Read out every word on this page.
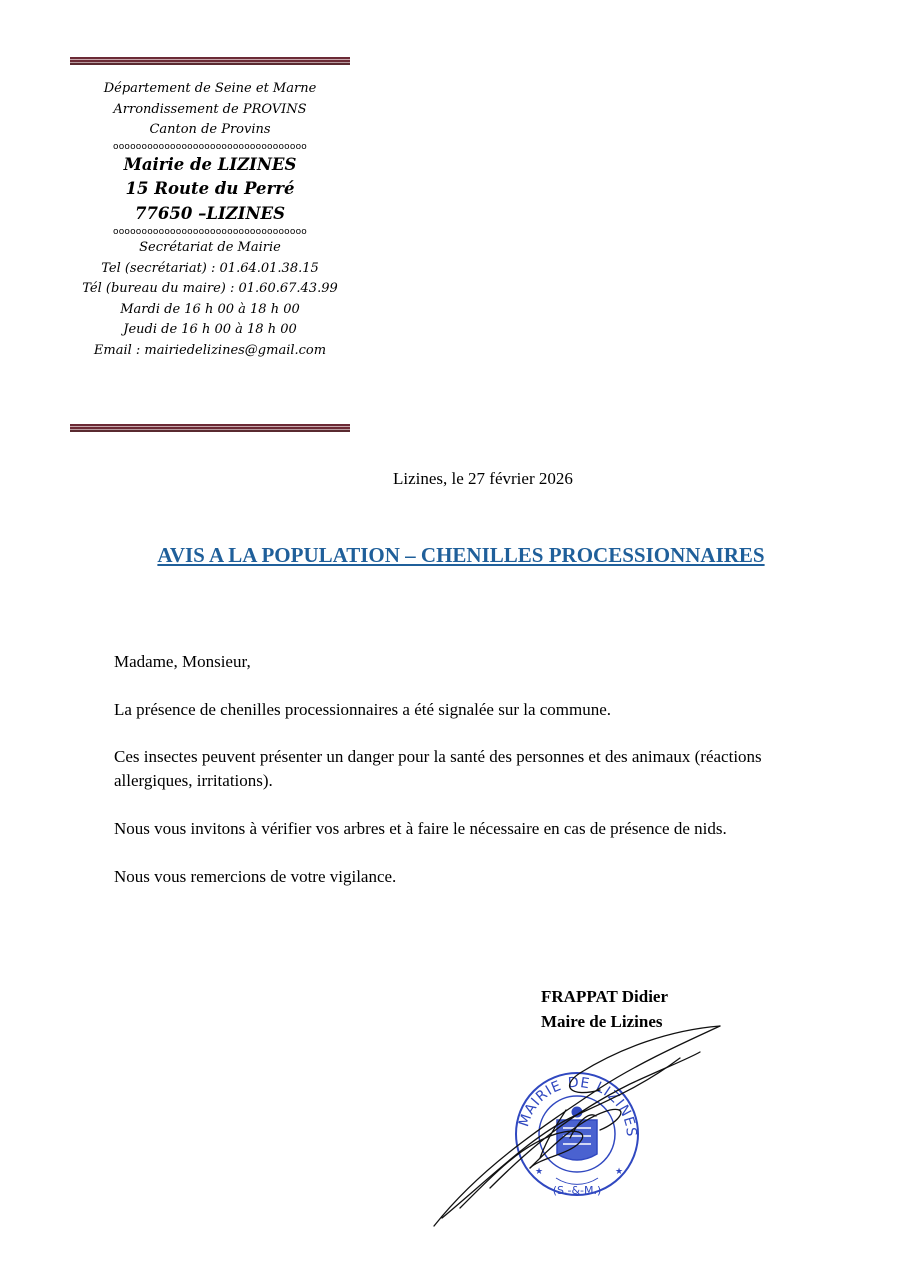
Département de Seine et Marne
Arrondissement de PROVINS
Canton de Provins
oooooooooooooooooooooooooooooooooo
Mairie de LIZINES
15 Route du Perré
77650 –LIZINES
oooooooooooooooooooooooooooooooooo
Secrétariat de Mairie
Tel (secrétariat) : 01.64.01.38.15
Tél (bureau du maire) : 01.60.67.43.99
Mardi de 16 h 00 à 18 h 00
Jeudi de 16 h 00 à 18 h 00
Email : mairiedelizines@gmail.com
Lizines, le 27 février 2026
AVIS A LA POPULATION – CHENILLES PROCESSIONNAIRES
Madame, Monsieur,
La présence de chenilles processionnaires a été signalée sur la commune.
Ces insectes peuvent présenter un danger pour la santé des personnes et des animaux (réactions allergiques, irritations).
Nous vous invitons à vérifier vos arbres et à faire le nécessaire en cas de présence de nids.
Nous vous remercions de votre vigilance.
FRAPPAT Didier
Maire de Lizines
MAIRIE DE LIZINES
(S.-&-M.)
★	★
